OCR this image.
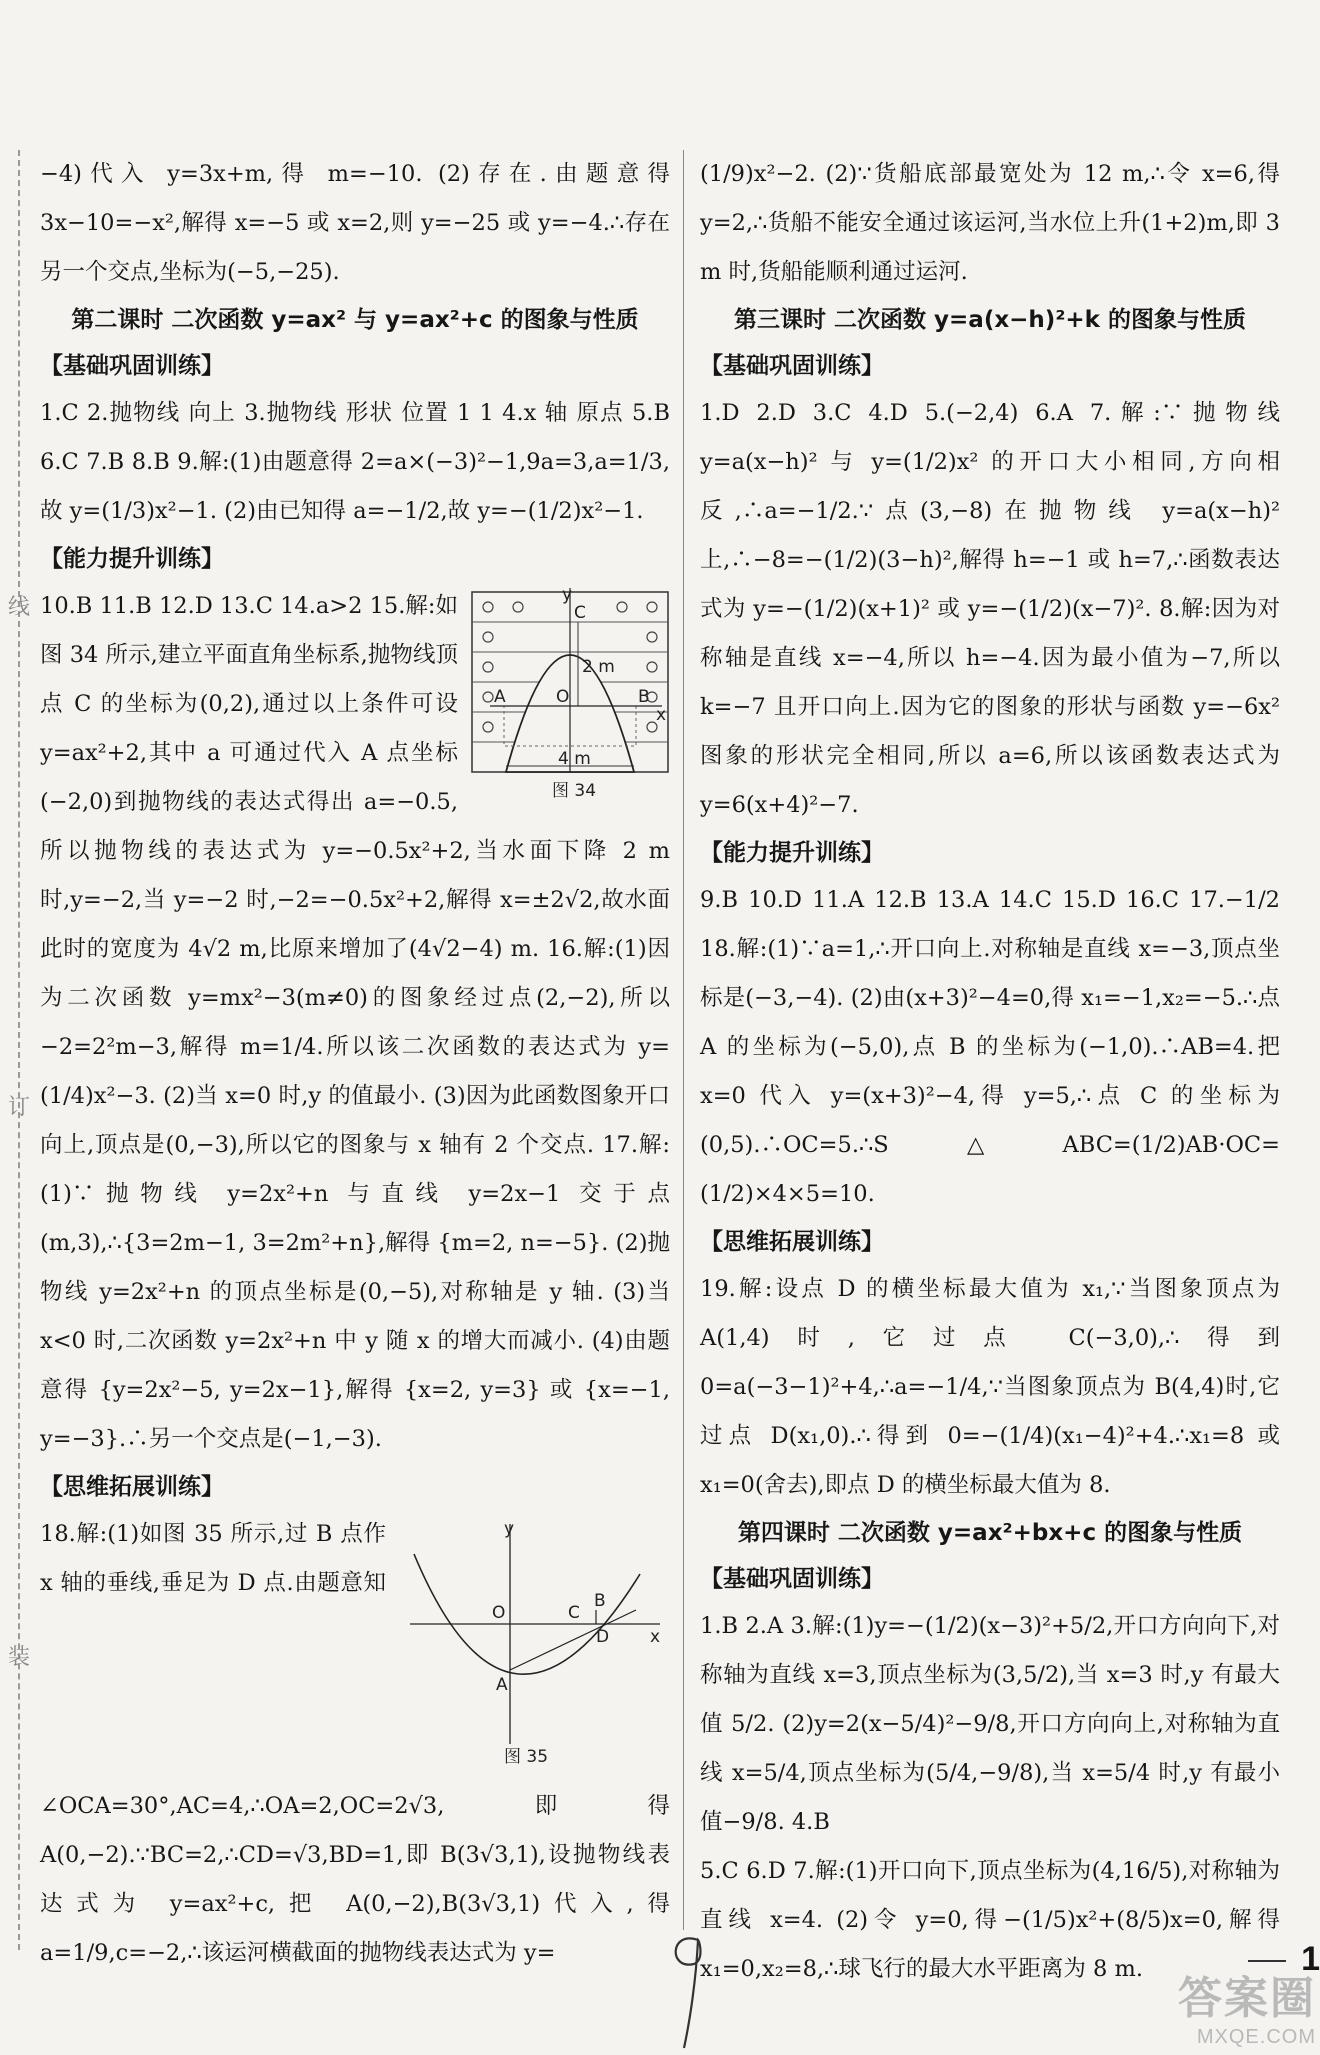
线
订
装

−4)代入 y=3x+m,得 m=−10. (2)存在.由题意得 3x−10=−x²,解得 x=−5 或 x=2,则 y=−25 或 y=−4.∴存在另一个交点,坐标为(−5,−25).

第二课时 二次函数 y=ax² 与 y=ax²+c 的图象与性质

【基础巩固训练】

1.C 2.抛物线 向上 3.抛物线 形状 位置 1 1 4.x 轴 原点 5.B 6.C 7.B 8.B 9.解:(1)由题意得 2=a×(−3)²−1,9a=3,a=1/3,故 y=(1/3)x²−1. (2)由已知得 a=−1/2,故 y=−(1/2)x²−1.

【能力提升训练】

y
C
2 m
A	O	B
x
4 m
图 34

10.B 11.B 12.D 13.C 14.a>2 15.解:如图 34 所示,建立平面直角坐标系,抛物线顶点 C 的坐标为(0,2),通过以上条件可设 y=ax²+2,其中 a 可通过代入 A 点坐标(−2,0)到抛物线的表达式得出 a=−0.5,所以抛物线的表达式为 y=−0.5x²+2,当水面下降 2 m 时,y=−2,当 y=−2 时,−2=−0.5x²+2,解得 x=±2√2,故水面此时的宽度为 4√2 m,比原来增加了(4√2−4) m. 16.解:(1)因为二次函数 y=mx²−3(m≠0)的图象经过点(2,−2),所以−2=2²m−3,解得 m=1/4.所以该二次函数的表达式为 y=(1/4)x²−3. (2)当 x=0 时,y 的值最小. (3)因为此函数图象开口向上,顶点是(0,−3),所以它的图象与 x 轴有 2 个交点. 17.解:(1)∵抛物线 y=2x²+n 与直线 y=2x−1 交于点(m,3),∴{3=2m−1, 3=2m²+n},解得 {m=2, n=−5}. (2)抛物线 y=2x²+n 的顶点坐标是(0,−5),对称轴是 y 轴. (3)当 x<0 时,二次函数 y=2x²+n 中 y 随 x 的增大而减小. (4)由题意得 {y=2x²−5, y=2x−1},解得 {x=2, y=3} 或 {x=−1, y=−3}.∴另一个交点是(−1,−3).

【思维拓展训练】

y
O	C
B
D x
A
图 35

18.解:(1)如图 35 所示,过 B 点作 x 轴的垂线,垂足为 D 点.由题意知∠OCA=30°,AC=4,∴OA=2,OC=2√3,即得 A(0,−2).∵BC=2,∴CD=√3,BD=1,即 B(3√3,1),设抛物线表达式为 y=ax²+c,把 A(0,−2),B(3√3,1)代入,得 a=1/9,c=−2,∴该运河横截面的抛物线表达式为 y=

(1/9)x²−2. (2)∵货船底部最宽处为 12 m,∴令 x=6,得 y=2,∴货船不能安全通过该运河,当水位上升(1+2)m,即 3 m 时,货船能顺利通过运河.

第三课时 二次函数 y=a(x−h)²+k 的图象与性质

【基础巩固训练】

1.D 2.D 3.C 4.D 5.(−2,4) 6.A 7.解:∵抛物线 y=a(x−h)² 与 y=(1/2)x² 的开口大小相同,方向相反,∴a=−1/2.∵点(3,−8)在抛物线 y=a(x−h)² 上,∴−8=−(1/2)(3−h)²,解得 h=−1 或 h=7,∴函数表达式为 y=−(1/2)(x+1)² 或 y=−(1/2)(x−7)². 8.解:因为对称轴是直线 x=−4,所以 h=−4.因为最小值为−7,所以 k=−7 且开口向上.因为它的图象的形状与函数 y=−6x² 图象的形状完全相同,所以 a=6,所以该函数表达式为 y=6(x+4)²−7.

【能力提升训练】

9.B 10.D 11.A 12.B 13.A 14.C 15.D 16.C 17.−1/2 18.解:(1)∵a=1,∴开口向上.对称轴是直线 x=−3,顶点坐标是(−3,−4). (2)由(x+3)²−4=0,得 x₁=−1,x₂=−5.∴点 A 的坐标为(−5,0),点 B 的坐标为(−1,0).∴AB=4.把 x=0 代入 y=(x+3)²−4,得 y=5,∴点 C 的坐标为(0,5).∴OC=5.∴S△ABC=(1/2)AB·OC=(1/2)×4×5=10.

【思维拓展训练】

19.解:设点 D 的横坐标最大值为 x₁,∵当图象顶点为 A(1,4)时,它过点 C(−3,0),∴得到 0=a(−3−1)²+4,∴a=−1/4,∵当图象顶点为 B(4,4)时,它过点 D(x₁,0).∴得到 0=−(1/4)(x₁−4)²+4.∴x₁=8 或 x₁=0(舍去),即点 D 的横坐标最大值为 8.

第四课时 二次函数 y=ax²+bx+c 的图象与性质

【基础巩固训练】

1.B 2.A 3.解:(1)y=−(1/2)(x−3)²+5/2,开口方向向下,对称轴为直线 x=3,顶点坐标为(3,5/2),当 x=3 时,y 有最大值 5/2. (2)y=2(x−5/4)²−9/8,开口方向向上,对称轴为直线 x=5/4,顶点坐标为(5/4,−9/8),当 x=5/4 时,y 有最小值−9/8. 4.B

5.C 6.D 7.解:(1)开口向下,顶点坐标为(4,16/5),对称轴为直线 x=4. (2)令 y=0,得−(1/5)x²+(8/5)x=0,解得 x₁=0,x₂=8,∴球飞行的最大水平距离为 8 m.	1
答案圈
MXQE.COM
